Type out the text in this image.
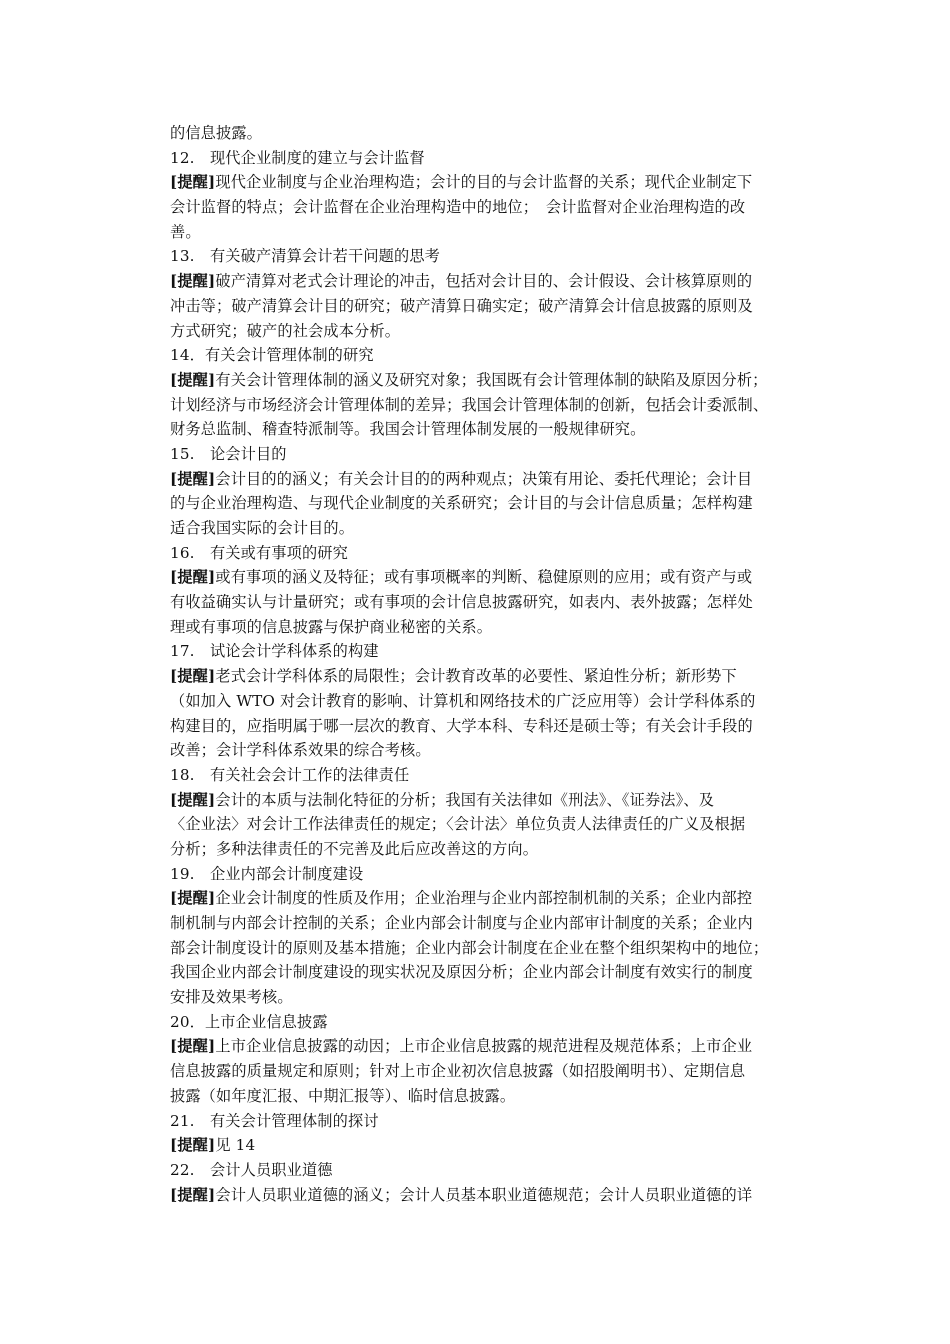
的信息披露。
12.　现代企业制度的建立与会计监督
[提醒]现代企业制度与企业治理构造；会计的目的与会计监督的关系；现代企业制定下
会计监督的特点；会计监督在企业治理构造中的地位；　会计监督对企业治理构造的改
善。
13.　有关破产清算会计若干问题的思考
[提醒]破产清算对老式会计理论的冲击，包括对会计目的、会计假设、会计核算原则的
冲击等；破产清算会计目的研究；破产清算日确实定；破产清算会计信息披露的原则及
方式研究；破产的社会成本分析。
14．有关会计管理体制的研究
[提醒]有关会计管理体制的涵义及研究对象；我国既有会计管理体制的缺陷及原因分析；
计划经济与市场经济会计管理体制的差异；我国会计管理体制的创新，包括会计委派制、
财务总监制、稽查特派制等。我国会计管理体制发展的一般规律研究。
15.　论会计目的
[提醒]会计目的的涵义；有关会计目的的两种观点；决策有用论、委托代理论；会计目
的与企业治理构造、与现代企业制度的关系研究；会计目的与会计信息质量；怎样构建
适合我国实际的会计目的。
16.　有关或有事项的研究
[提醒]或有事项的涵义及特征；或有事项概率的判断、稳健原则的应用；或有资产与或
有收益确实认与计量研究；或有事项的会计信息披露研究，如表内、表外披露；怎样处
理或有事项的信息披露与保护商业秘密的关系。
17.　试论会计学科体系的构建
[提醒]老式会计学科体系的局限性；会计教育改革的必要性、紧迫性分析；新形势下
（如加入 WTO 对会计教育的影响、计算机和网络技术的广泛应用等）会计学科体系的
构建目的，应指明属于哪一层次的教育、大学本科、专科还是硕士等；有关会计手段的
改善；会计学科体系效果的综合考核。
18.　有关社会会计工作的法律责任
[提醒]会计的本质与法制化特征的分析；我国有关法律如《刑法》、《证券法》、及
〈企业法〉对会计工作法律责任的规定；〈会计法〉单位负责人法律责任的广义及根据
分析；多种法律责任的不完善及此后应改善这的方向。
19.　企业内部会计制度建设
[提醒]企业会计制度的性质及作用；企业治理与企业内部控制机制的关系；企业内部控
制机制与内部会计控制的关系；企业内部会计制度与企业内部审计制度的关系；企业内
部会计制度设计的原则及基本措施；企业内部会计制度在企业在整个组织架构中的地位；
我国企业内部会计制度建设的现实状况及原因分析；企业内部会计制度有效实行的制度
安排及效果考核。
20．上市企业信息披露
[提醒]上市企业信息披露的动因；上市企业信息披露的规范进程及规范体系；上市企业
信息披露的质量规定和原则；针对上市企业初次信息披露（如招股阐明书）、定期信息
披露（如年度汇报、中期汇报等）、临时信息披露。
21.　有关会计管理体制的探讨
[提醒]见 14
22.　会计人员职业道德
[提醒]会计人员职业道德的涵义；会计人员基本职业道德规范；会计人员职业道德的详
